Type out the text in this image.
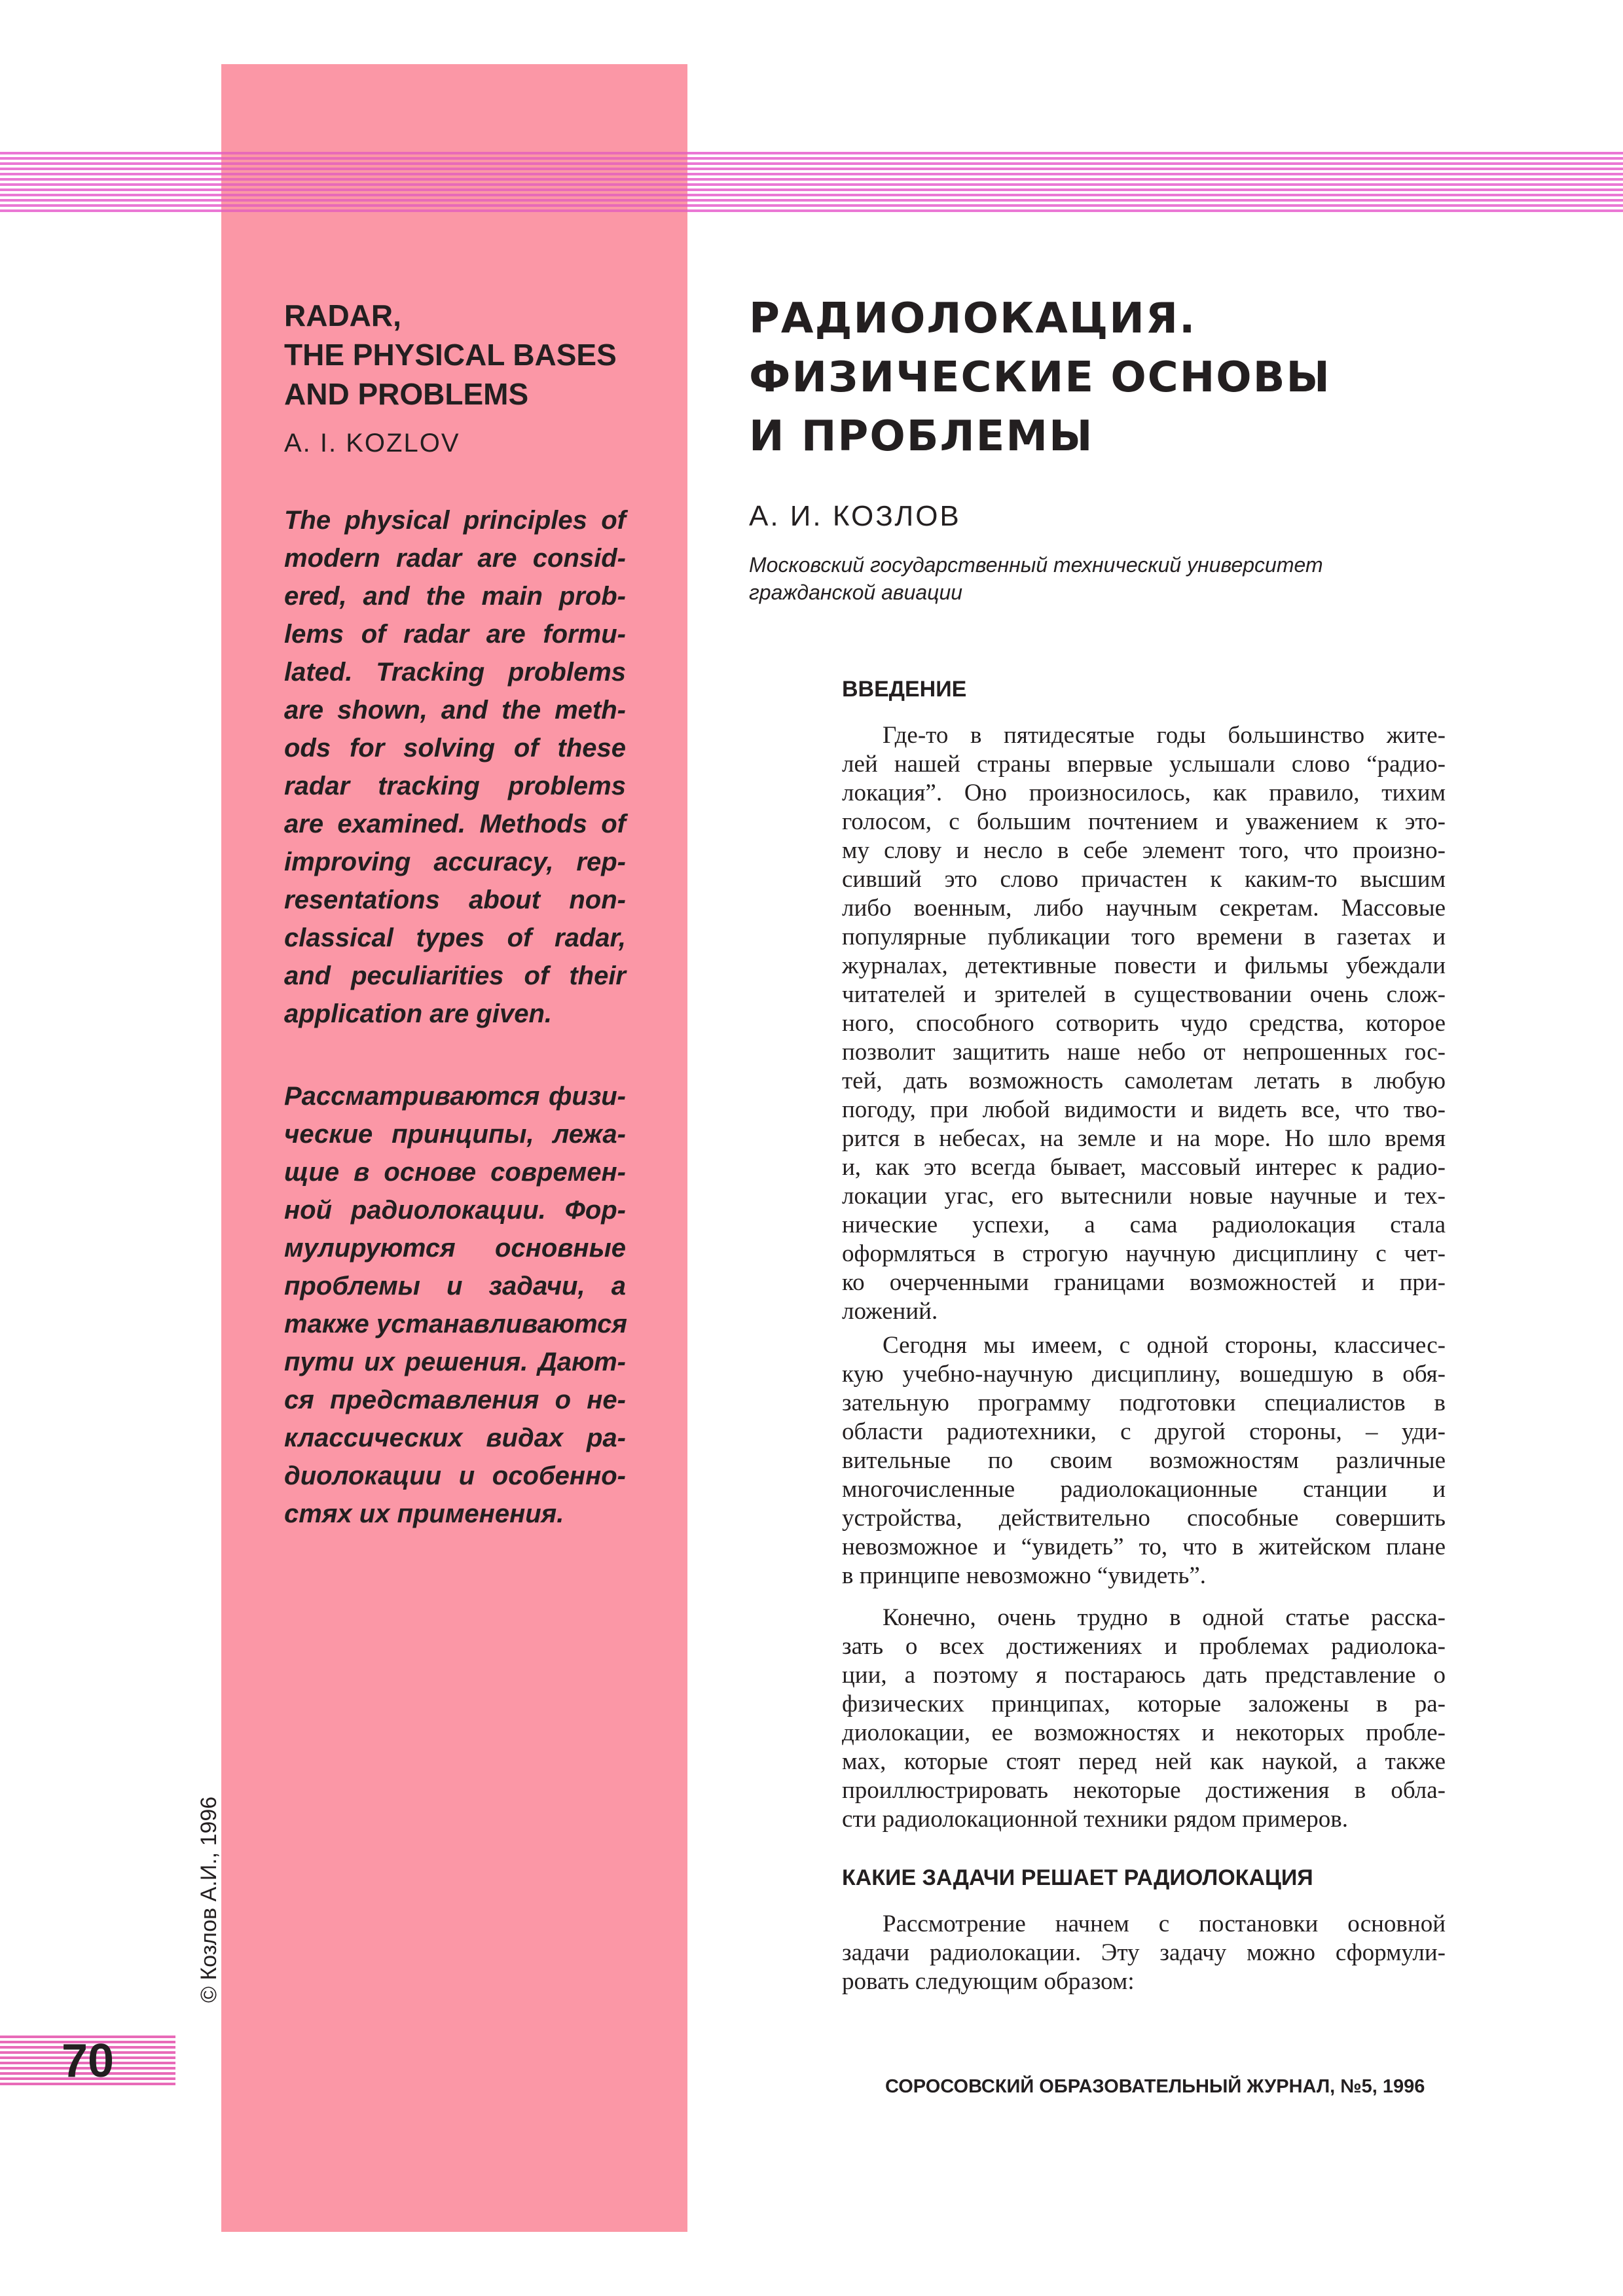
RADAR,
THE PHYSICAL BASES
AND PROBLEMS
A. I. KOZLOV
The physical principles of
modern radar are consid-
ered, and the main prob-
lems of radar are formu-
lated. Tracking problems
are shown, and the meth-
ods for solving of these
radar tracking problems
are examined. Methods of
improving accuracy, rep-
resentations about non-
classical types of radar,
and peculiarities of their
application are given.
Рассматриваются физи-
ческие принципы, лежа-
щие в основе современ-
ной радиолокации. Фор-
мулируются основные
проблемы и задачи, а
также устанавливаются
пути их решения. Дают-
ся представления о не-
классических видах ра-
диолокации и особенно-
стях их применения.
© Козлов А.И., 1996
70
РАДИОЛОКАЦИЯ.
ФИЗИЧЕСКИЕ ОСНОВЫ
И ПРОБЛЕМЫ
А. И. КОЗЛОВ
Московский государственный технический университет
гражданской авиации
ВВЕДЕНИЕ
Где-то в пятидесятые годы большинство жите-
лей нашей страны впервые услышали слово “радио-
локация”. Оно произносилось, как правило, тихим
голосом, с большим почтением и уважением к это-
му слову и несло в себе элемент того, что произно-
сивший это слово причастен к каким-то высшим
либо военным, либо научным секретам. Массовые
популярные публикации того времени в газетах и
журналах, детективные повести и фильмы убеждали
читателей и зрителей в существовании очень слож-
ного, способного сотворить чудо средства, которое
позволит защитить наше небо от непрошенных гос-
тей, дать возможность самолетам летать в любую
погоду, при любой видимости и видеть все, что тво-
рится в небесах, на земле и на море. Но шло время
и, как это всегда бывает, массовый интерес к радио-
локации угас, его вытеснили новые научные и тех-
нические успехи, а сама радиолокация стала
оформляться в строгую научную дисциплину с чет-
ко очерченными границами возможностей и при-
ложений.
Сегодня мы имеем, с одной стороны, классичес-
кую учебно-научную дисциплину, вошедшую в обя-
зательную программу подготовки специалистов в
области радиотехники, с другой стороны, – уди-
вительные по своим возможностям различные
многочисленные радиолокационные станции и
устройства, действительно способные совершить
невозможное и “увидеть” то, что в житейском плане
в принципе невозможно “увидеть”.
Конечно, очень трудно в одной статье расска-
зать о всех достижениях и проблемах радиолока-
ции, а поэтому я постараюсь дать представление о
физических принципах, которые заложены в ра-
диолокации, ее возможностях и некоторых пробле-
мах, которые стоят перед ней как наукой, а также
проиллюстрировать некоторые достижения в обла-
сти радиолокационной техники рядом примеров.
КАКИЕ ЗАДАЧИ РЕШАЕТ РАДИОЛОКАЦИЯ
Рассмотрение начнем с постановки основной
задачи радиолокации. Эту задачу можно сформули-
ровать следующим образом:
СОРОСОВСКИЙ ОБРАЗОВАТЕЛЬНЫЙ ЖУРНАЛ, №5, 1996
